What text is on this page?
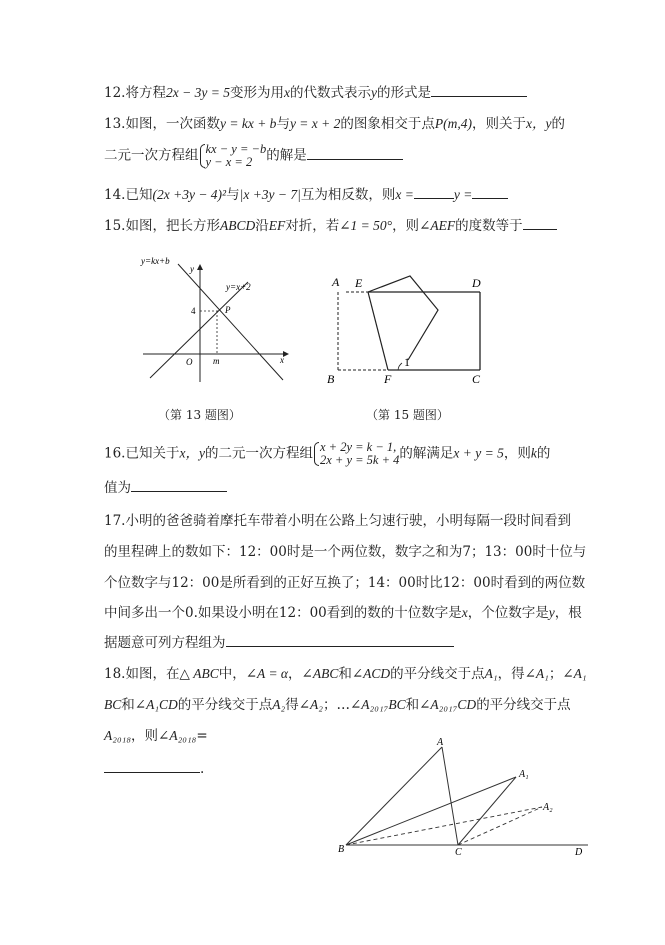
12.将方程2x − 3y = 5变形为用x的代数式表示y的形式是
13.如图，一次函数y = kx + b与y = x + 2的图象相交于点P(m,4)，则关于x，y的
二元一次方程组 kx − y = −b
y − x = 2	的解是
14.已知(2x +3y − 4)²与|x +3y − 7|互为相反数，则x =	y =
15.如图，把长方形ABCD沿EF对折，若∠1 = 50°，则∠AEF的度数等于
y=kx+b
y=x+2
y
x
O
4	P
m
（第 13 题图）
A E	D
B	F	C
1
（第 15 题图）
16.已知关于x，y的二元一次方程组 x + 2y = k − 1,
2x + y = 5k + 4 的解满足x + y = 5，则k的
值为
17.小明的爸爸骑着摩托车带着小明在公路上匀速行驶，小明每隔一段时间看到
的里程碑上的数如下：12：00时是一个两位数，数字之和为7；13：00时十位与
个位数字与12：00是所看到的正好互换了；14：00时比12：00时看到的两位数
中间多出一个0.如果设小明在12：00看到的数的十位数字是x，个位数字是y，根
据题意可列方程组为
18.如图，在△ ABC中，∠A = α，∠ABC和∠ACD的平分线交于点A₁，得∠A₁；∠A₁
BC和∠A₁CD的平分线交于点A₂得∠A₂；…∠A₂₀₁₇BC和∠A₂₀₁₇CD的平分线交于点
A₂₀₁₈，则∠A₂₀₁₈=
.
A
A₁
A₂
B	C	D
